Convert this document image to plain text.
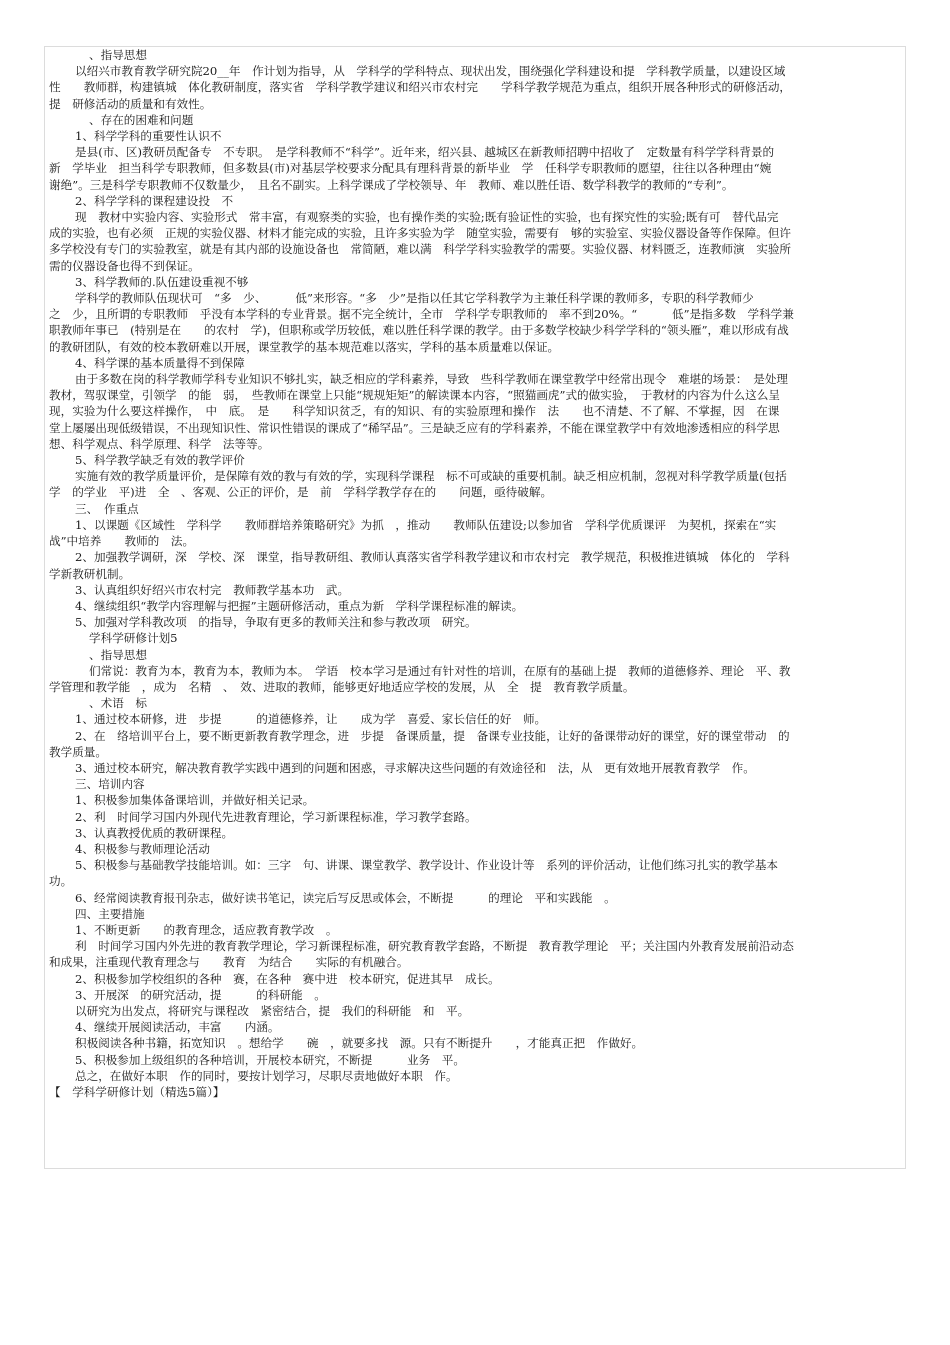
、指导思想

以绍兴市教育教学研究院20__年　作计划为指导，从　学科学的学科特点、现状出发，围绕强化学科建设和提　学科教学质量，以建设区域

性　　教师群，构建镇城　体化教研制度，落实省　学科学教学建议和绍兴市农村完　　学科学教学规范为重点，组织开展各种形式的研修活动，

提　研修活动的质量和有效性。

、存在的困难和问题

1、科学学科的重要性认识不

是县(市、区)教研员配备专　不专职。　是学科教师不“科学”。近年来，绍兴县、越城区在新教师招聘中招收了　定数量有科学学科背景的

新　学毕业　担当科学专职教师，但多数县(市)对基层学校要求分配具有理科背景的新毕业　学　任科学专职教师的愿望，往往以各种理由“婉

谢绝”。三是科学专职教师不仅数量少，　且名不副实。上科学课成了学校领导、年　教师、难以胜任语、数学科教学的教师的“专利”。

2、科学学科的课程建设投　不

现　教材中实验内容、实验形式　常丰富，有观察类的实验，也有操作类的实验;既有验证性的实验，也有探究性的实验;既有可　替代品完

成的实验，也有必须　正规的实验仪器、材料才能完成的实验，且许多实验为学　随堂实验，需要有　够的实验室、实验仪器设备等作保障。但许

多学校没有专门的实验教室，就是有其内部的设施设备也　常简陋，难以满　科学学科实验教学的需要。实验仪器、材料匮乏，连教师演　实验所

需的仪器设备也得不到保证。

3、科学教师的.队伍建设重视不够

学科学的教师队伍现状可　“多　少、　　　低”来形容。“多　少”是指以任其它学科教学为主兼任科学课的教师多，专职的科学教师少

之　少，且所谓的专职教师　乎没有本学科的专业背景。据不完全统计，全市　学科学专职教师的　率不到20%。“　　　低”是指多数　学科学兼

职教师年事已　(特别是在　　的农村　学)，但职称或学历较低，难以胜任科学课的教学。由于多数学校缺少科学学科的“领头雁”，难以形成有战

的教研团队，有效的校本教研难以开展，课堂教学的基本规范难以落实，学科的基本质量难以保证。

4、科学课的基本质量得不到保障

由于多数在岗的科学教师学科专业知识不够扎实，缺乏相应的学科素养，导致　些科学教师在课堂教学中经常出现令　难堪的场景：　是处理

教材，驾驭课堂，引领学　的能　弱，　些教师在课堂上只能“规规矩矩”的解读课本内容，“照猫画虎”式的做实验，　于教材的内容为什么这么呈

现，实验为什么要这样操作，　中　底。　是　　科学知识贫乏，有的知识、有的实验原理和操作　法　　也不清楚、不了解、不掌握，因　在课

堂上屡屡出现低级错误，不出现知识性、常识性错误的课成了“稀罕品”。三是缺乏应有的学科素养，不能在课堂教学中有效地渗透相应的科学思

想、科学观点、科学原理、科学　法等等。

5、科学教学缺乏有效的教学评价

实施有效的教学质量评价，是保障有效的教与有效的学，实现科学课程　标不可或缺的重要机制。缺乏相应机制，忽视对科学教学质量(包括

学　的学业　平)进　全　、客观、公正的评价，是　前　学科学教学存在的　　问题，亟待破解。

三、　作重点

1、以课题《区域性　学科学　　教师群培养策略研究》为抓　，推动　　教师队伍建设;以参加省　学科学优质课评　为契机，探索在“实

战”中培养　　教师的　法。

2、加强教学调研，深　学校、深　课堂，指导教研组、教师认真落实省学科教学建议和市农村完　教学规范，积极推进镇城　体化的　学科

学新教研机制。

3、认真组织好绍兴市农村完　教师教学基本功　武。

4、继续组织“教学内容理解与把握”主题研修活动，重点为新　学科学课程标准的解读。

5、加强对学科教改项　的指导，争取有更多的教师关注和参与教改项　研究。

学科学研修计划5

、指导思想

们常说：教育为本，教育为本，教师为本。　学语　校本学习是通过有针对性的培训，在原有的基础上提　教师的道德修养、理论　平、教

学管理和教学能　，成为　名精　、　效、进取的教师，能够更好地适应学校的发展，从　全　提　教育教学质量。

、术语　标

1、通过校本研修，进　步提　　　的道德修养，让　　成为学　喜爱、家长信任的好　师。

2、在　络培训平台上，要不断更新教育教学理念，进　步提　备课质量，提　备课专业技能，让好的备课带动好的课堂，好的课堂带动　的

教学质量。

3、通过校本研究，解决教育教学实践中遇到的问题和困惑，寻求解决这些问题的有效途径和　法，从　更有效地开展教育教学　作。

三、培训内容

1、积极参加集体备课培训，并做好相关记录。

2、利　时间学习国内外现代先进教育理论，学习新课程标准，学习教学套路。

3、认真教授优质的教研课程。

4、积极参与教师理论活动

5、积极参与基础教学技能培训。如：三字　句、讲课、课堂教学、教学设计、作业设计等　系列的评价活动，让他们练习扎实的教学基本

功。

6、经常阅读教育报刊杂志，做好读书笔记，读完后写反思或体会，不断提　　　的理论　平和实践能　。

四、主要措施

1、不断更新　　的教育理念，适应教育教学改　。

利　时间学习国内外先进的教育教学理论，学习新课程标准，研究教育教学套路，不断提　教育教学理论　平；关注国内外教育发展前沿动态

和成果，注重现代教育理念与　　教育　为结合　　实际的有机融合。

2、积极参加学校组织的各种　赛，在各种　赛中进　校本研究，促进其早　成长。

3、开展深　的研究活动，提　　　的科研能　。

以研究为出发点，将研究与课程改　紧密结合，提　我们的科研能　和　平。

4、继续开展阅读活动，丰富　　内涵。

积极阅读各种书籍，拓宽知识　。想给学　　碗　，就要多找　源。只有不断提升　　，才能真正把　作做好。

5、积极参加上级组织的各种培训，开展校本研究，不断提　　　业务　平。

总之，在做好本职　作的同时，要按计划学习，尽职尽责地做好本职　作。

【　学科学研修计划（精选5篇）】
